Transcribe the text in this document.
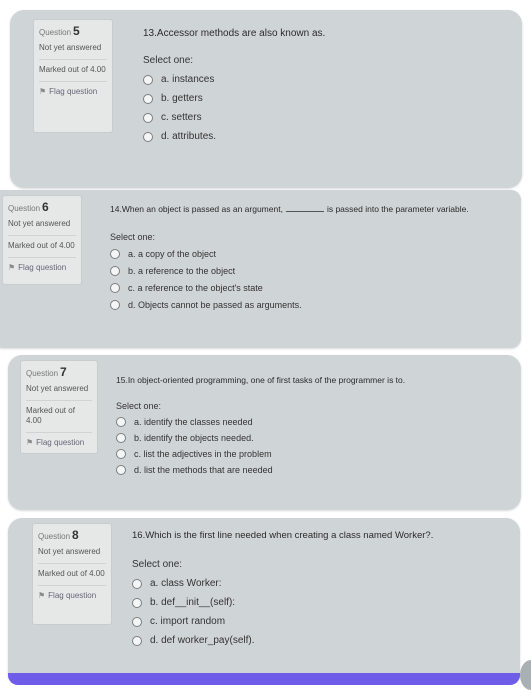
Question 5
Not yet answered
Marked out of 4.00
⚑ Flag question
13.Accessor methods are also known as.
Select one:
a. instances
b. getters
c. setters
d. attributes.
Question 6
Not yet answered
Marked out of 4.00
⚑ Flag question
14.When an object is passed as an argument,	is passed into the parameter variable.
Select one:
a. a copy of the object
b. a reference to the object
c. a reference to the object's state
d. Objects cannot be passed as arguments.
Question 7
Not yet answered
Marked out of 4.00
⚑ Flag question
15.In object-oriented programming, one of first tasks of the programmer is to.
Select one:
a. identify the classes needed
b. identify the objects needed.
c. list the adjectives in the problem
d. list the methods that are needed
Question 8
Not yet answered
Marked out of 4.00
⚑ Flag question
16.Which is the first line needed when creating a class named Worker?.
Select one:
a. class Worker:
b. def__init__(self):
c. import random
d. def worker_pay(self).
